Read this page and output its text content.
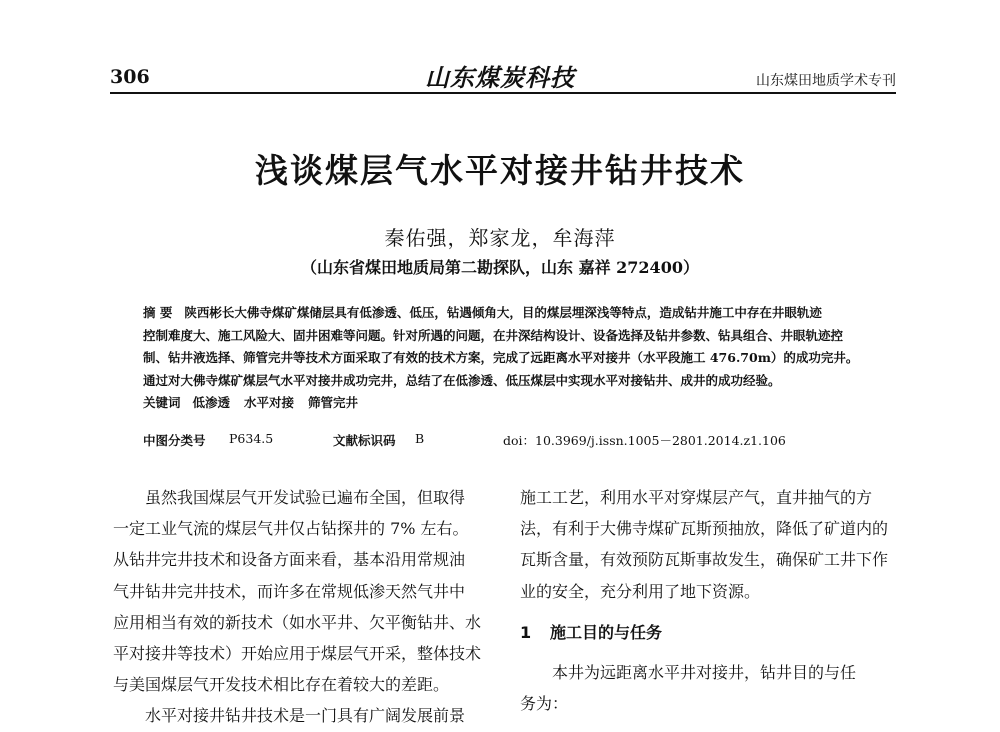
306	山东煤炭科技	山东煤田地质学术专刊
浅谈煤层气水平对接井钻井技术
秦佑强，郑家龙，牟海萍
（山东省煤田地质局第二勘探队，山东 嘉祥 272400）
摘 要 陕西彬长大佛寺煤矿煤储层具有低渗透、低压，钻遇倾角大，目的煤层埋深浅等特点，造成钻井施工中存在井眼轨迹
控制难度大、施工风险大、固井困难等问题。针对所遇的问题，在井深结构设计、设备选择及钻井参数、钻具组合、井眼轨迹控
制、钻井液选择、筛管完井等技术方面采取了有效的技术方案，完成了远距离水平对接井（水平段施工 476.70m）的成功完井。
通过对大佛寺煤矿煤层气水平对接井成功完井，总结了在低渗透、低压煤层中实现水平对接钻井、成井的成功经验。
关键词 低渗透 水平对接 筛管完井
中图分类号 P634.5	文献标识码 B	doi：10.3969/j.issn.1005－2801.2014.z1.106
虽然我国煤层气开发试验已遍布全国，但取得
一定工业气流的煤层气井仅占钻探井的 7% 左右。
从钻井完井技术和设备方面来看，基本沿用常规油
气井钻井完井技术，而许多在常规低渗天然气井中
应用相当有效的新技术（如水平井、欠平衡钻井、水
平对接井等技术）开始应用于煤层气开采，整体技术
与美国煤层气开发技术相比存在着较大的差距。
水平对接井钻井技术是一门具有广阔发展前景
施工工艺，利用水平对穿煤层产气，直井抽气的方
法，有利于大佛寺煤矿瓦斯预抽放，降低了矿道内的
瓦斯含量，有效预防瓦斯事故发生，确保矿工井下作
业的安全，充分利用了地下资源。
1 施工目的与任务
本井为远距离水平井对接井，钻井目的与任
务为：
